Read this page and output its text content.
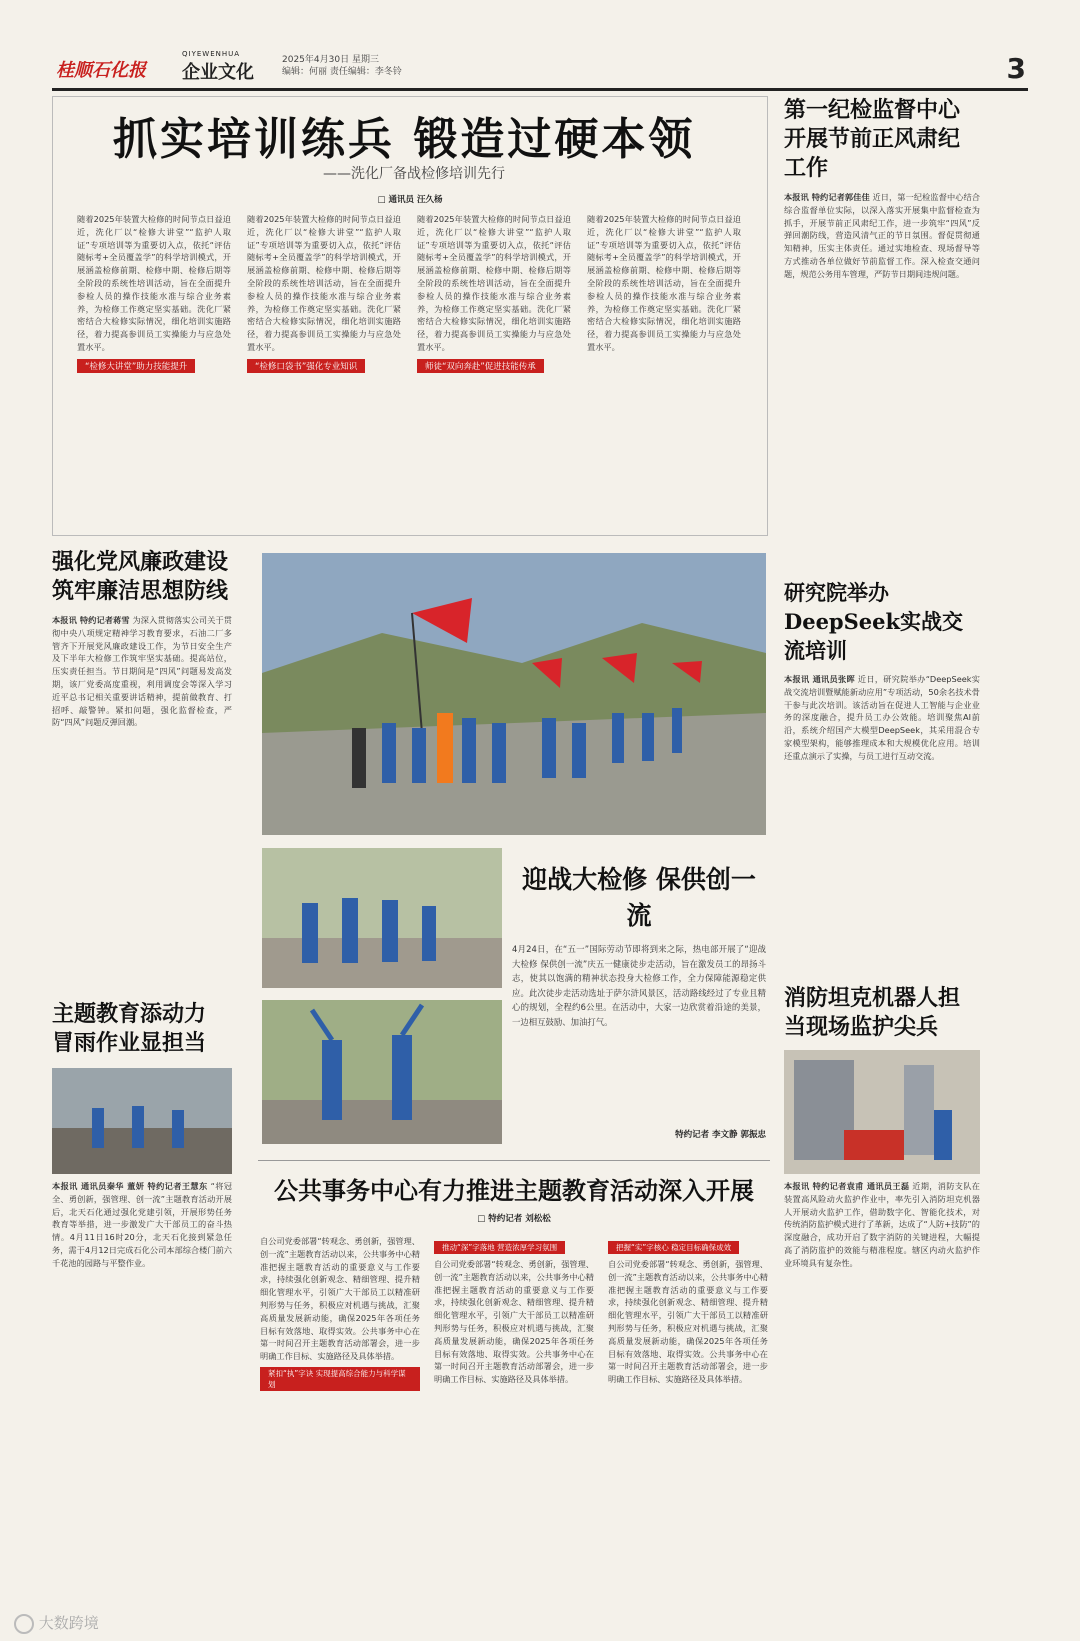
桂顺石化报
QIYEWENHUA
企业文化
2025年4月30日 星期三
编辑：何丽 责任编辑：李冬铃	3
抓实培训练兵 锻造过硬本领
——洗化厂备战检修培训先行
□ 通讯员 汪久杨
随着2025年装置大检修的时间节点日益迫近，洗化厂以“检修大讲堂”“监护人取证”专项培训等为重要切入点，依托“评估随标考+全员覆盖学”的科学培训模式，开展涵盖检修前期、检修中期、检修后期等全阶段的系统性培训活动，旨在全面提升参检人员的操作技能水准与综合业务素养，为检修工作奠定坚实基础。洗化厂紧密结合大检修实际情况，细化培训实施路径，着力提高参训员工实操能力与应急处置水平。
“检修大讲堂”助力技能提升
随着2025年装置大检修的时间节点日益迫近，洗化厂以“检修大讲堂”“监护人取证”专项培训等为重要切入点，依托“评估随标考+全员覆盖学”的科学培训模式，开展涵盖检修前期、检修中期、检修后期等全阶段的系统性培训活动，旨在全面提升参检人员的操作技能水准与综合业务素养，为检修工作奠定坚实基础。洗化厂紧密结合大检修实际情况，细化培训实施路径，着力提高参训员工实操能力与应急处置水平。
“检修口袋书”强化专业知识
随着2025年装置大检修的时间节点日益迫近，洗化厂以“检修大讲堂”“监护人取证”专项培训等为重要切入点，依托“评估随标考+全员覆盖学”的科学培训模式，开展涵盖检修前期、检修中期、检修后期等全阶段的系统性培训活动，旨在全面提升参检人员的操作技能水准与综合业务素养，为检修工作奠定坚实基础。洗化厂紧密结合大检修实际情况，细化培训实施路径，着力提高参训员工实操能力与应急处置水平。
师徒“双向奔赴”促进技能传承
随着2025年装置大检修的时间节点日益迫近，洗化厂以“检修大讲堂”“监护人取证”专项培训等为重要切入点，依托“评估随标考+全员覆盖学”的科学培训模式，开展涵盖检修前期、检修中期、检修后期等全阶段的系统性培训活动，旨在全面提升参检人员的操作技能水准与综合业务素养，为检修工作奠定坚实基础。洗化厂紧密结合大检修实际情况，细化培训实施路径，着力提高参训员工实操能力与应急处置水平。
第一纪检监督中心开展节前正风肃纪工作
本报讯 特约记者郭佳佳 近日，第一纪检监督中心结合综合监督单位实际，以深入落实开展集中监督检查为抓手，开展节前正风肃纪工作，进一步筑牢“四风”反弹回潮防线，营造风清气正的节日氛围。督促贯彻通知精神，压实主体责任。通过实地检查、现场督导等方式推动各单位做好节前监督工作。深入检查交通问题，规范公务用车管理，严防节日期间违规问题。
强化党风廉政建设筑牢廉洁思想防线
本报讯 特约记者蒋雪 为深入贯彻落实公司关于贯彻中央八项规定精神学习教育要求，石油二厂多管齐下开展党风廉政建设工作，为节日安全生产及下半年大检修工作筑牢坚实基础。提高站位，压实责任担当。节日期间是“四风”问题易发高发期，该厂党委高度重视，利用调度会等深入学习近平总书记相关重要讲话精神，提前做教育、打招呼、敲警钟。紧扣问题，强化监督检查，严防“四风”问题反弹回潮。
迎战大检修 保供创一流
4月24日，在“五一”国际劳动节即将到来之际，热电部开展了“迎战大检修 保供创一流”庆五一健康徒步走活动，旨在激发员工的昂扬斗志，使其以饱满的精神状态投身大检修工作，全力保障能源稳定供应。此次徒步走活动选址于萨尔浒风景区，活动路线经过了专业且精心的规划，全程约6公里。在活动中，大家一边欣赏着沿途的美景，一边相互鼓励、加油打气。
特约记者 李文静 郭振忠
主题教育添动力 冒雨作业显担当
本报讯 通讯员秦华 董妍 特约记者王慧东 “将冠全、勇创新，强管理、创一流”主题教育活动开展后，北天石化通过强化党建引领，开展形势任务教育等举措，进一步激发广大干部员工的奋斗热情。4月11日16时20分，北天石化接到紧急任务，需于4月12日完成石化公司本部综合楼门前六千花池的园路与平整作业。
研究院举办DeepSeek实战交流培训
本报讯 通讯员张晖 近日，研究院举办“DeepSeek实战交流培训暨赋能新动应用”专项活动，50余名技术骨干参与此次培训。该活动旨在促进人工智能与企业业务的深度融合，提升员工办公效能。培训聚焦AI前沿，系统介绍国产大模型DeepSeek，其采用混合专家模型架构，能够推理成本和大规模优化应用。培训还重点演示了实操，与员工进行互动交流。
消防坦克机器人担当现场监护尖兵
本报讯 特约记者袁甫 通讯员王磊 近期，消防支队在装置高风险动火监护作业中，率先引入消防坦克机器人开展动火监护工作，借助数字化、智能化技术，对传统消防监护模式进行了革新，达成了“人防+技防”的深度融合，成功开启了数字消防的关键进程，大幅提高了消防监护的效能与精准程度。辖区内动火监护作业环境具有复杂性。
公共事务中心有力推进主题教育活动深入开展
□ 特约记者 刘松松
自公司党委部署“转观念、勇创新，强管理、创一流”主题教育活动以来，公共事务中心精准把握主题教育活动的重要意义与工作要求，持续强化创新观念、精细管理、提升精细化管理水平，引领广大干部员工以精准研判形势与任务，积极应对机遇与挑战，汇聚高质量发展新动能，确保2025年各项任务目标有效落地、取得实效。公共事务中心在第一时间召开主题教育活动部署会，进一步明确工作目标、实施路径及具体举措。
紧扣“执”字诀 实现提高综合能力与科学谋划
推动“深”字落地 营造浓厚学习氛围
自公司党委部署“转观念、勇创新，强管理、创一流”主题教育活动以来，公共事务中心精准把握主题教育活动的重要意义与工作要求，持续强化创新观念、精细管理、提升精细化管理水平，引领广大干部员工以精准研判形势与任务，积极应对机遇与挑战，汇聚高质量发展新动能，确保2025年各项任务目标有效落地、取得实效。公共事务中心在第一时间召开主题教育活动部署会，进一步明确工作目标、实施路径及具体举措。
把握“实”字核心 稳定目标确保成效
自公司党委部署“转观念、勇创新，强管理、创一流”主题教育活动以来，公共事务中心精准把握主题教育活动的重要意义与工作要求，持续强化创新观念、精细管理、提升精细化管理水平，引领广大干部员工以精准研判形势与任务，积极应对机遇与挑战，汇聚高质量发展新动能，确保2025年各项任务目标有效落地、取得实效。公共事务中心在第一时间召开主题教育活动部署会，进一步明确工作目标、实施路径及具体举措。
大数跨境
